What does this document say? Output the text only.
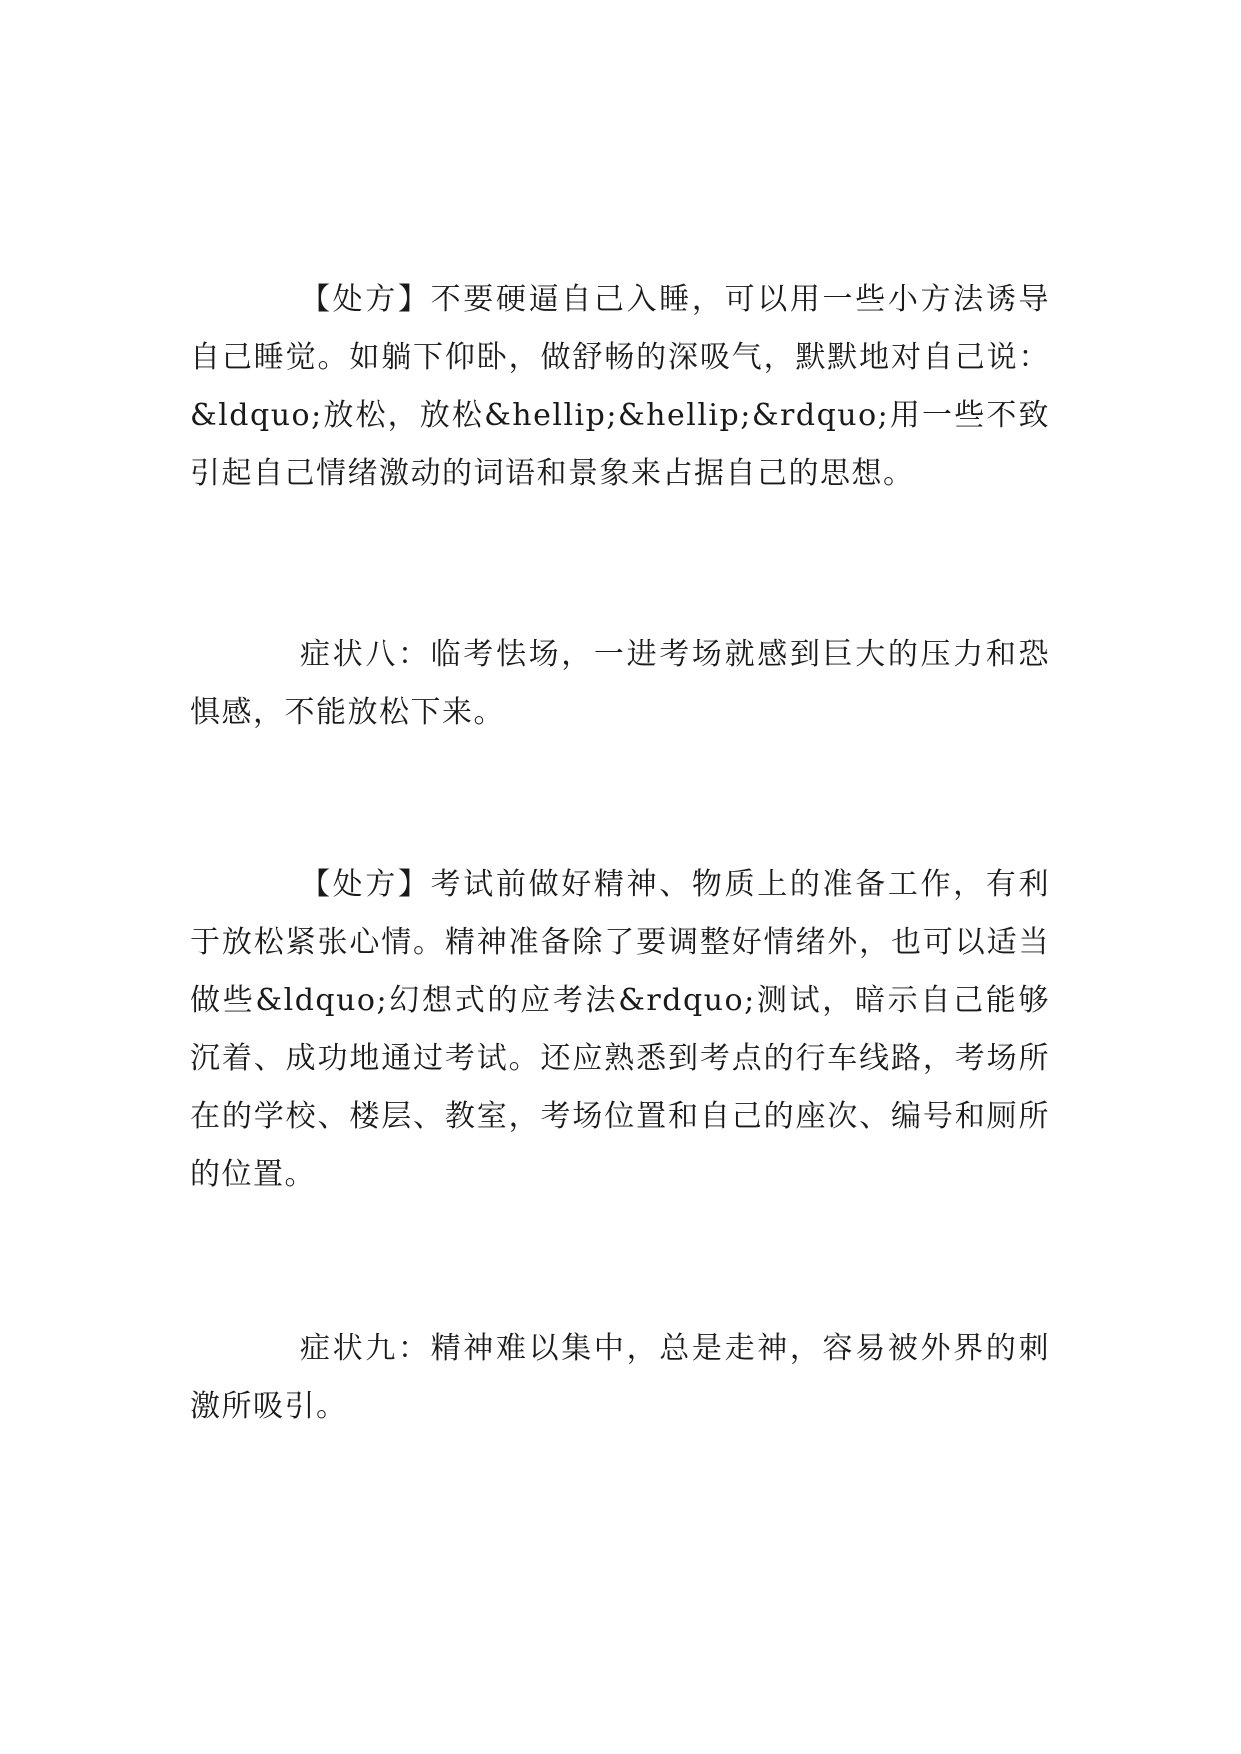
【处方】不要硬逼自己入睡，可以用一些小方法诱导自己睡觉。如躺下仰卧，做舒畅的深吸气，默默地对自己说：&ldquo;放松，放松&hellip;&hellip;&rdquo;用一些不致引起自己情绪激动的词语和景象来占据自己的思想。

症状八：临考怯场，一进考场就感到巨大的压力和恐惧感，不能放松下来。

【处方】考试前做好精神、物质上的准备工作，有利于放松紧张心情。精神准备除了要调整好情绪外，也可以适当做些&ldquo;幻想式的应考法&rdquo;测试，暗示自己能够沉着、成功地通过考试。还应熟悉到考点的行车线路，考场所在的学校、楼层、教室，考场位置和自己的座次、编号和厕所的位置。

症状九：精神难以集中，总是走神，容易被外界的刺激所吸引。
